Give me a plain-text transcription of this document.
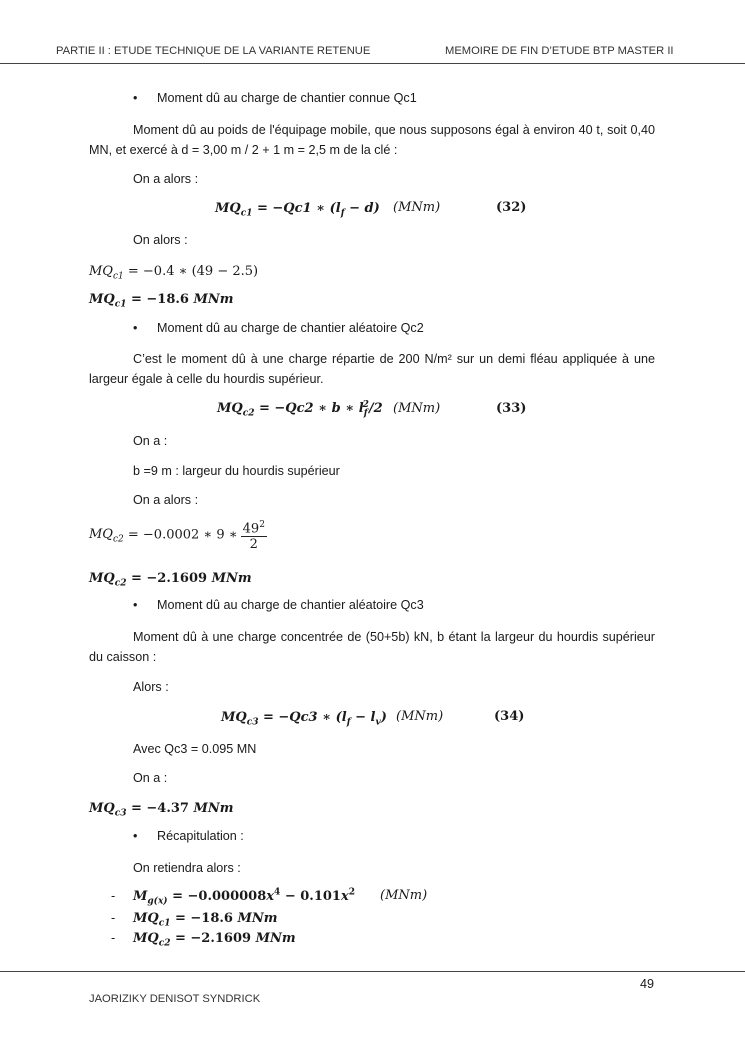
PARTIE II : ETUDE TECHNIQUE DE LA VARIANTE RETENUE	MEMOIRE DE FIN D’ETUDE BTP MASTER II
• Moment dû au charge de chantier connue Qc1
Moment dû au poids de l'équipage mobile, que nous supposons égal à environ 40 t, soit 0,40 MN, et exercé à d = 3,00 m / 2 + 1 m = 2,5 m de la clé :
On a alors :
$MQ_{c1} = -Qc1$ ∗ $(l_f - d)$ (MNm)	(32)
On alors :
$MQ_{c1} = -0.4$ ∗ (49 − 2.5)
$MQ_{c1} = -18.6$ MNm
• Moment dû au charge de chantier aléatoire Qc2
C’est le moment dû à une charge répartie de 200 N/m² sur un demi fléau appliquée à une largeur égale à celle du hourdis supérieur.
$MQ_{c2} = -Qc2$ ∗ b ∗ $l_f^2/2$ (MNm)	(33)
On a :
b =9 m : largeur du hourdis supérieur
On a alors :
$MQ_{c2} = -0.0002$ ∗ 9 ∗ $\frac{49^2}{2}$
$MQ_{c2} = -2.1609$ MNm
• Moment dû au charge de chantier aléatoire Qc3
Moment dû à une charge concentrée de (50+5b) kN, b étant la largeur du hourdis supérieur du caisson :
Alors :
$MQ_{c3} = -Qc3$ ∗ $(l_f - l_v)$ (MNm)	(34)
Avec Qc3 = 0.095 MN
On a :
$MQ_{c3} = -4.37$ MNm
• Récapitulation :
On retiendra alors :
- $M_{g(x)} = -0.000008x^4 - 0.101x^2$ (MNm)
- $MQ_{c1} = -18.6$ MNm
- $MQ_{c2} = -2.1609$ MNm
49
JAORIZIKY DENISOT SYNDRICK
